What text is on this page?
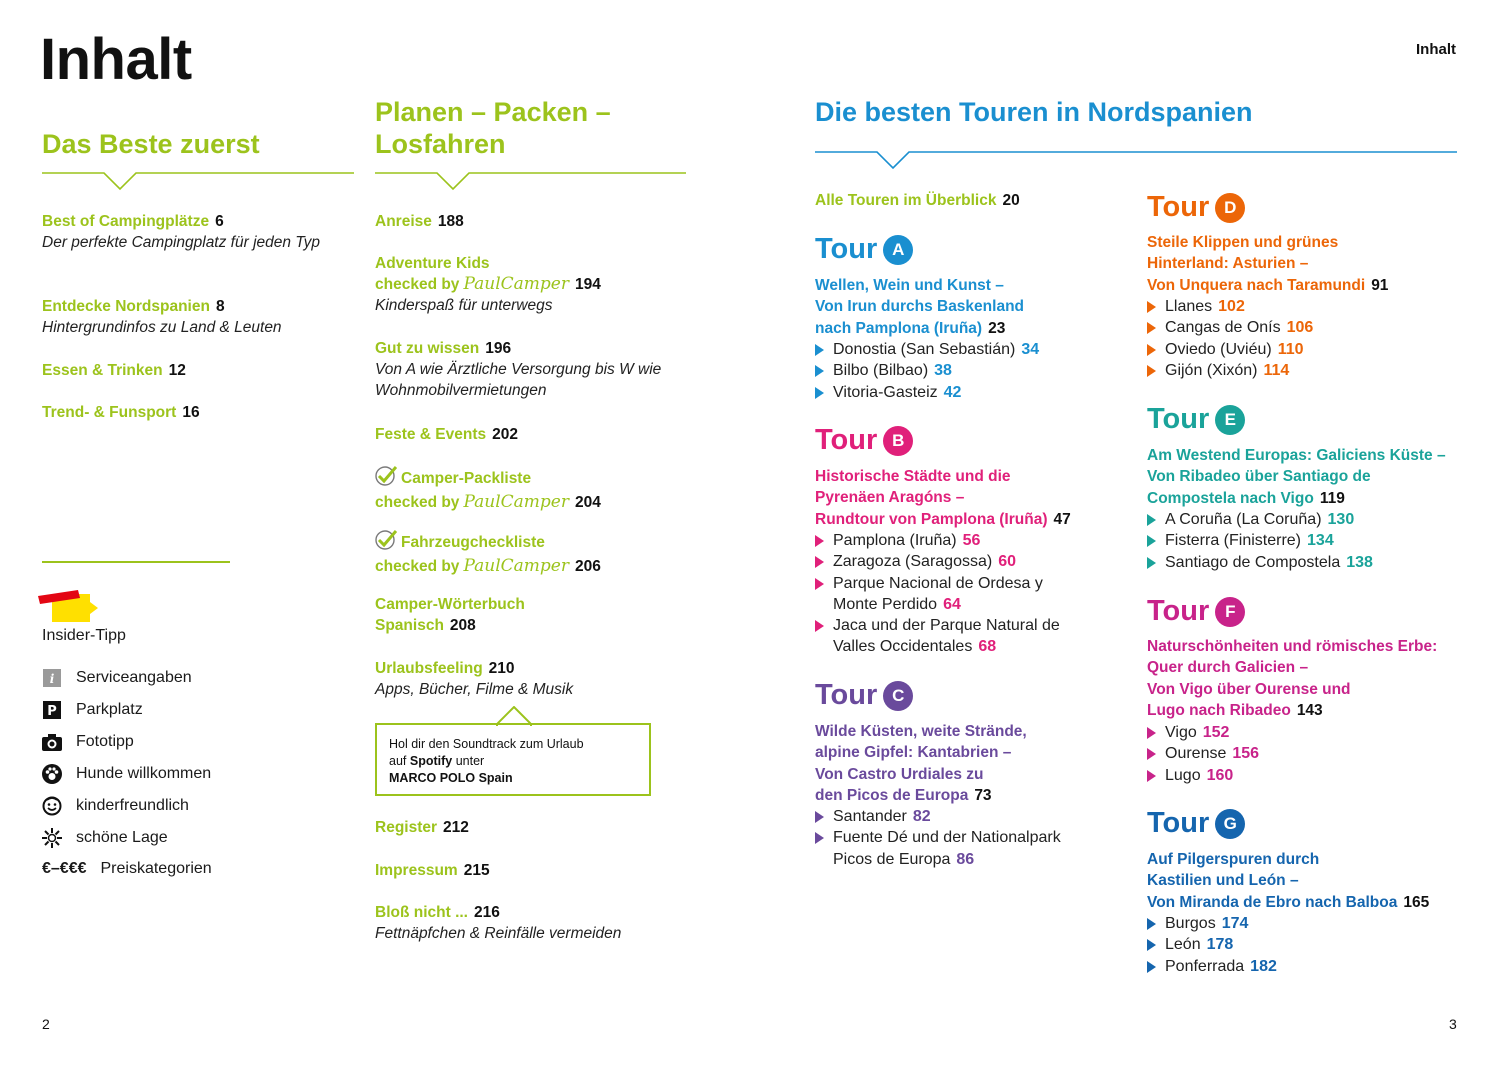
Inhalt	Inhalt
2	3
Das Beste zuerst
Best of Campingplätze 6
Der perfekte Campingplatz für jeden Typ
Entdecke Nordspanien 8
Hintergrundinfos zu Land & Leuten
Essen & Trinken 12
Trend- & Funsport 16
Insider-Tipp
i Serviceangaben
P Parkplatz
Fototipp
Hunde willkommen
kinderfreundlich
schöne Lage
€–€€€ Preiskategorien
Planen – Packen –
Losfahren
Anreise 188
Adventure Kids
checked by PaulCamper 194
Kinderspaß für unterwegs
Gut zu wissen 196
Von A wie Ärztliche Versorgung bis W wie Wohnmobilvermietungen
Feste & Events 202
Camper-Packliste
checked by PaulCamper 204
Fahrzeugcheckliste
checked by PaulCamper 206
Camper-Wörterbuch
Spanisch 208
Urlaubsfeeling 210
Apps, Bücher, Filme & Musik
Hol dir den Soundtrack zum Urlaub
auf Spotify unter
MARCO POLO Spain
Register 212
Impressum 215
Bloß nicht ... 216
Fettnäpfchen & Reinfälle vermeiden
Die besten Touren in Nordspanien
Alle Touren im Überblick 20
Tour A
Wellen, Wein und Kunst –
Von Irun durchs Baskenland
nach Pamplona (Iruña) 23
Donostia (San Sebastián) 34
Bilbo (Bilbao) 38
Vitoria-Gasteiz 42
Tour B
Historische Städte und die
Pyrenäen Aragóns –
Rundtour von Pamplona (Iruña) 47
Pamplona (Iruña) 56
Zaragoza (Saragossa) 60
Parque Nacional de Ordesa y Monte Perdido 64
Jaca und der Parque Natural de Valles Occidentales 68
Tour C
Wilde Küsten, weite Strände,
alpine Gipfel: Kantabrien –
Von Castro Urdiales zu
den Picos de Europa 73
Santander 82
Fuente Dé und der Nationalpark Picos de Europa 86
Tour D
Steile Klippen und grünes
Hinterland: Asturien –
Von Unquera nach Taramundi 91
Llanes 102
Cangas de Onís 106
Oviedo (Uviéu) 110
Gijón (Xixón) 114
Tour E
Am Westend Europas: Galiciens Küste –
Von Ribadeo über Santiago de
Compostela nach Vigo 119
A Coruña (La Coruña) 130
Fisterra (Finisterre) 134
Santiago de Compostela 138
Tour F
Naturschönheiten und römisches Erbe:
Quer durch Galicien –
Von Vigo über Ourense und
Lugo nach Ribadeo 143
Vigo 152
Ourense 156
Lugo 160
Tour G
Auf Pilgerspuren durch
Kastilien und León –
Von Miranda de Ebro nach Balboa 165
Burgos 174
León 178
Ponferrada 182
